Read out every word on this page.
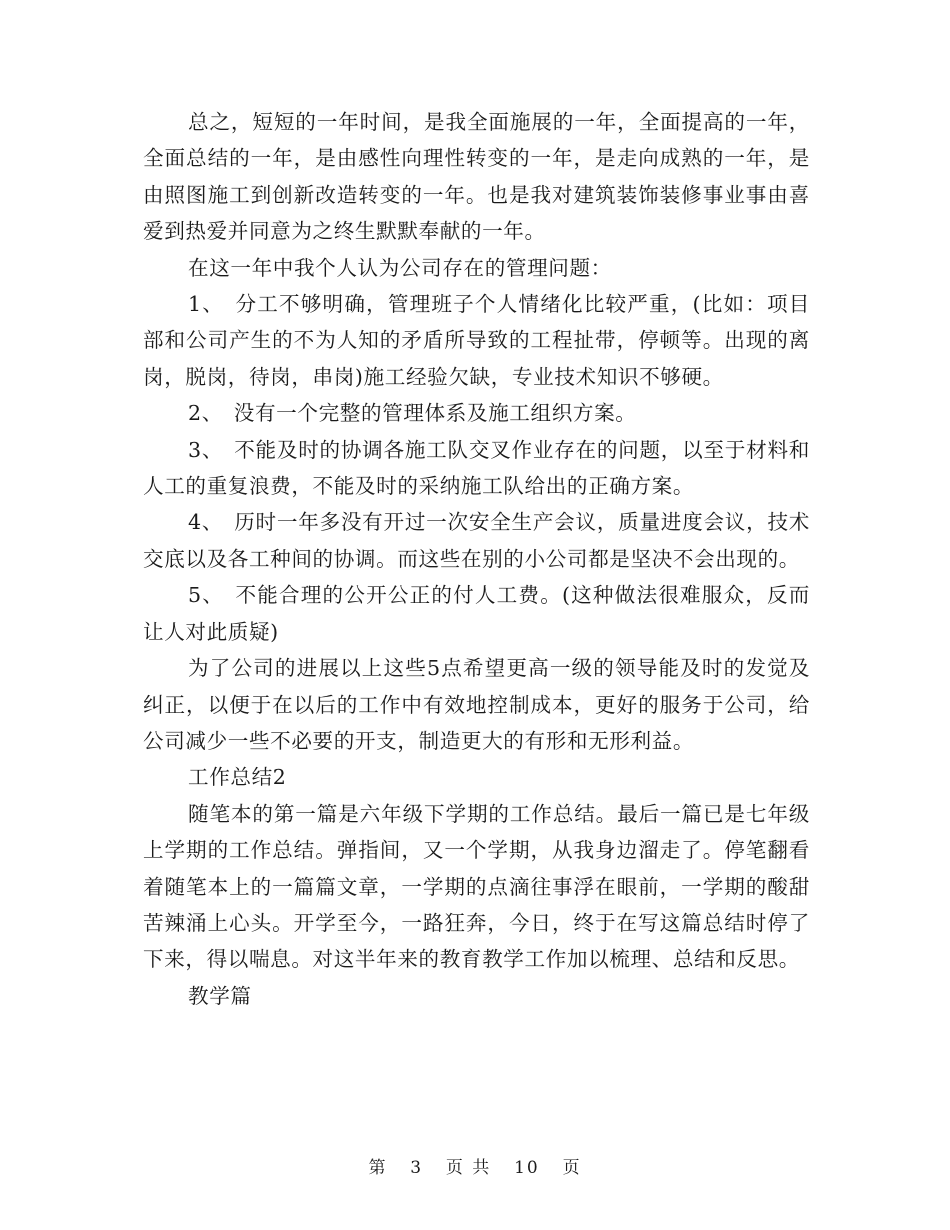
总之，短短的一年时间，是我全面施展的一年，全面提高的一年，全面总结的一年，是由感性向理性转变的一年，是走向成熟的一年，是由照图施工到创新改造转变的一年。也是我对建筑装饰装修事业事由喜爱到热爱并同意为之终生默默奉献的一年。

在这一年中我个人认为公司存在的管理问题：

1、　分工不够明确，管理班子个人情绪化比较严重，(比如：项目部和公司产生的不为人知的矛盾所导致的工程扯带，停顿等。出现的离岗，脱岗，待岗，串岗)施工经验欠缺，专业技术知识不够硬。

2、　没有一个完整的管理体系及施工组织方案。

3、　不能及时的协调各施工队交叉作业存在的问题，以至于材料和人工的重复浪费，不能及时的采纳施工队给出的正确方案。

4、　历时一年多没有开过一次安全生产会议，质量进度会议，技术交底以及各工种间的协调。而这些在别的小公司都是坚决不会出现的。

5、　不能合理的公开公正的付人工费。(这种做法很难服众，反而让人对此质疑)

为了公司的进展以上这些5点希望更高一级的领导能及时的发觉及纠正，以便于在以后的工作中有效地控制成本，更好的服务于公司，给公司减少一些不必要的开支，制造更大的有形和无形利益。

工作总结2

随笔本的第一篇是六年级下学期的工作总结。最后一篇已是七年级上学期的工作总结。弹指间，又一个学期，从我身边溜走了。停笔翻看着随笔本上的一篇篇文章，一学期的点滴往事浮在眼前，一学期的酸甜苦辣涌上心头。开学至今，一路狂奔，今日，终于在写这篇总结时停了下来，得以喘息。对这半年来的教育教学工作加以梳理、总结和反思。

教学篇

第 3 页 共 10 页
